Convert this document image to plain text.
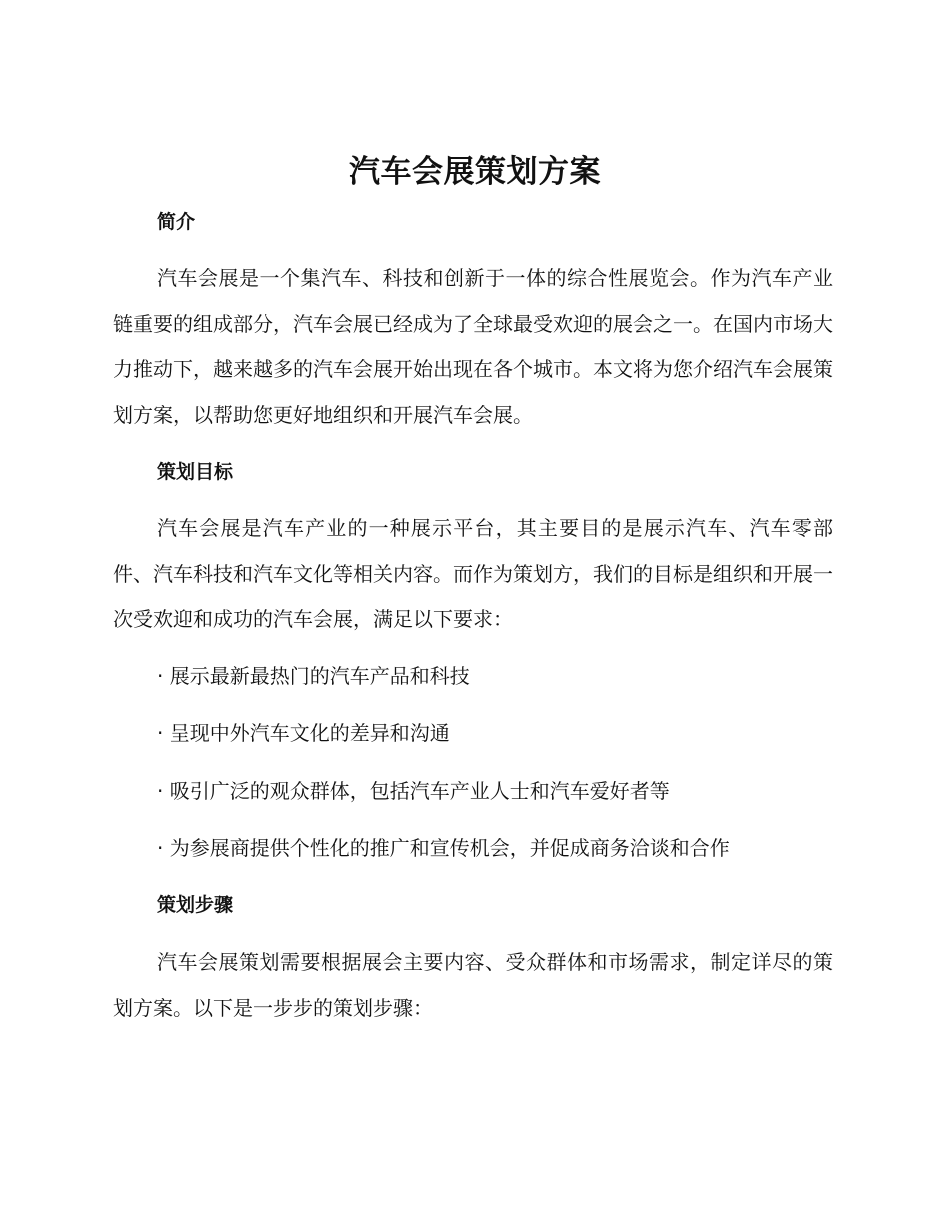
汽车会展策划方案
简介

汽车会展是一个集汽车、科技和创新于一体的综合性展览会。作为汽车产业链重要的组成部分，汽车会展已经成为了全球最受欢迎的展会之一。在国内市场大力推动下，越来越多的汽车会展开始出现在各个城市。本文将为您介绍汽车会展策划方案，以帮助您更好地组织和开展汽车会展。

策划目标

汽车会展是汽车产业的一种展示平台，其主要目的是展示汽车、汽车零部件、汽车科技和汽车文化等相关内容。而作为策划方，我们的目标是组织和开展一次受欢迎和成功的汽车会展，满足以下要求：

· 展示最新最热门的汽车产品和科技

· 呈现中外汽车文化的差异和沟通

· 吸引广泛的观众群体，包括汽车产业人士和汽车爱好者等

· 为参展商提供个性化的推广和宣传机会，并促成商务洽谈和合作

策划步骤

汽车会展策划需要根据展会主要内容、受众群体和市场需求，制定详尽的策划方案。以下是一步步的策划步骤：
